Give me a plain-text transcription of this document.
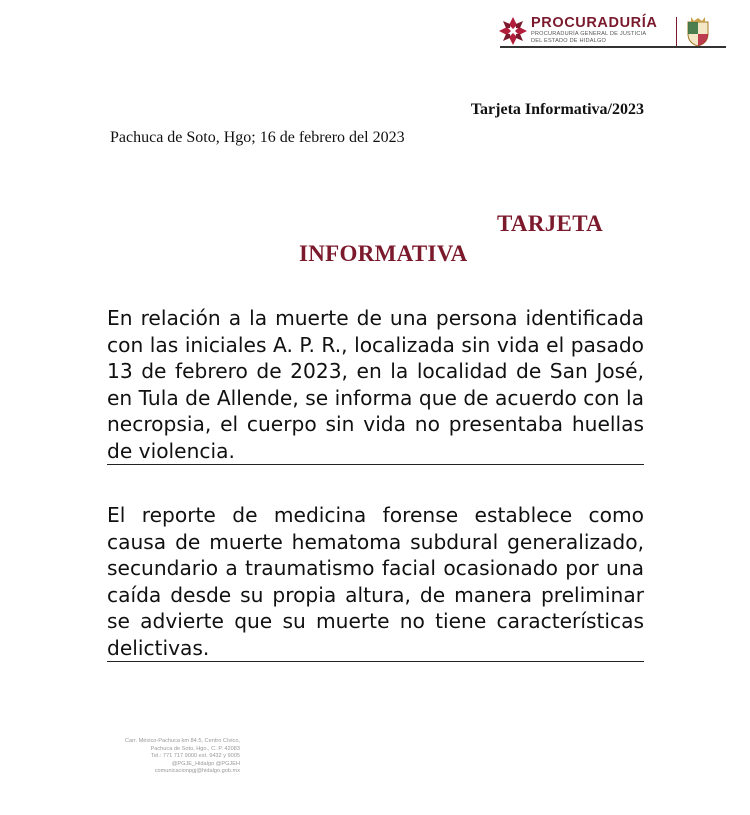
PROCURADURÍA
PROCURADURÍA GENERAL DE JUSTICIA
DEL ESTADO DE HIDALGO
Tarjeta Informativa/2023
Pachuca de Soto, Hgo; 16 de febrero del 2023
TARJETA
INFORMATIVA
En relación a la muerte de una persona identificada con las iniciales A. P. R., localizada sin vida el pasado 13 de febrero de 2023, en la localidad de San José, en Tula de Allende, se informa que de acuerdo con la necropsia, el cuerpo sin vida no presentaba huellas de violencia.
El reporte de medicina forense establece como causa de muerte hematoma subdural generalizado, secundario a traumatismo facial ocasionado por una caída desde su propia altura, de manera preliminar se advierte que su muerte no tiene características delictivas.
Carr. México-Pachuca km 84.5, Centro Cívico,
Pachuca de Soto, Hgo., C. P. 42083
Tel.: 771 717 9000 ext. 9432 y 9005
@PGJE_Hidalgo @PGJEH
comunicacionpgj@hidalgo.gob.mx
